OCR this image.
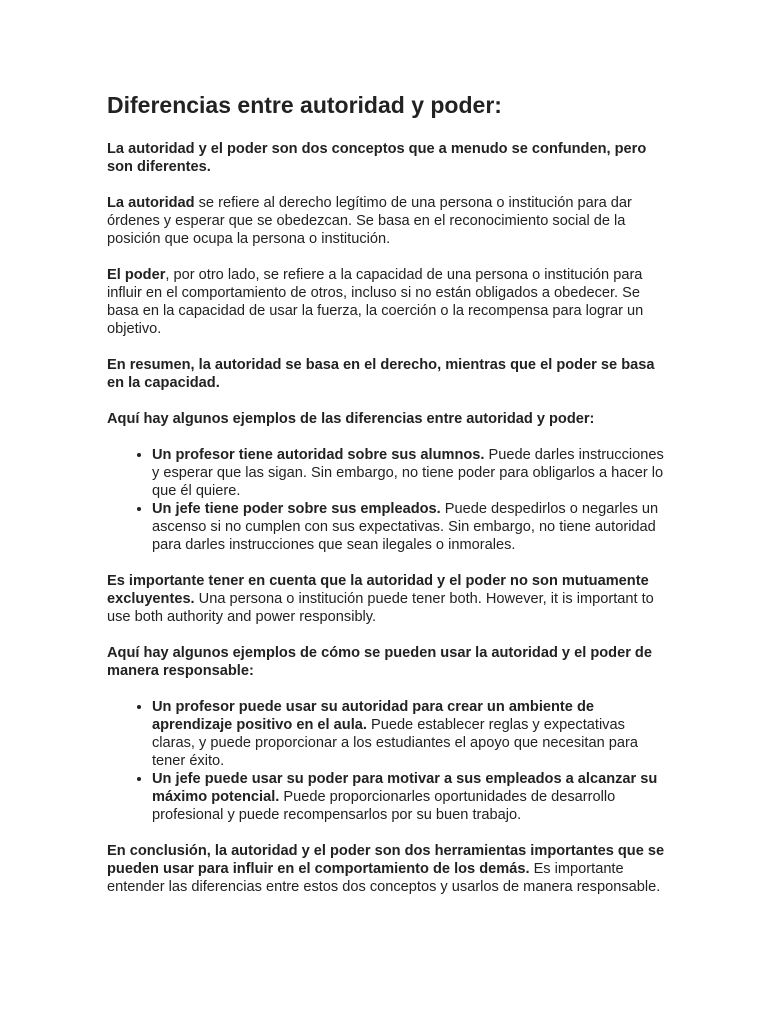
Diferencias entre autoridad y poder:

La autoridad y el poder son dos conceptos que a menudo se confunden, pero son diferentes.

La autoridad se refiere al derecho legítimo de una persona o institución para dar órdenes y esperar que se obedezcan. Se basa en el reconocimiento social de la posición que ocupa la persona o institución.

El poder, por otro lado, se refiere a la capacidad de una persona o institución para influir en el comportamiento de otros, incluso si no están obligados a obedecer. Se basa en la capacidad de usar la fuerza, la coerción o la recompensa para lograr un objetivo.

En resumen, la autoridad se basa en el derecho, mientras que el poder se basa en la capacidad.

Aquí hay algunos ejemplos de las diferencias entre autoridad y poder:

• Un profesor tiene autoridad sobre sus alumnos. Puede darles instrucciones y esperar que las sigan. Sin embargo, no tiene poder para obligarlos a hacer lo que él quiere.
• Un jefe tiene poder sobre sus empleados. Puede despedirlos o negarles un ascenso si no cumplen con sus expectativas. Sin embargo, no tiene autoridad para darles instrucciones que sean ilegales o inmorales.

Es importante tener en cuenta que la autoridad y el poder no son mutuamente excluyentes. Una persona o institución puede tener both. However, it is important to use both authority and power responsibly.

Aquí hay algunos ejemplos de cómo se pueden usar la autoridad y el poder de manera responsable:

• Un profesor puede usar su autoridad para crear un ambiente de aprendizaje positivo en el aula. Puede establecer reglas y expectativas claras, y puede proporcionar a los estudiantes el apoyo que necesitan para tener éxito.
• Un jefe puede usar su poder para motivar a sus empleados a alcanzar su máximo potencial. Puede proporcionarles oportunidades de desarrollo profesional y puede recompensarlos por su buen trabajo.

En conclusión, la autoridad y el poder son dos herramientas importantes que se pueden usar para influir en el comportamiento de los demás. Es importante entender las diferencias entre estos dos conceptos y usarlos de manera responsable.
